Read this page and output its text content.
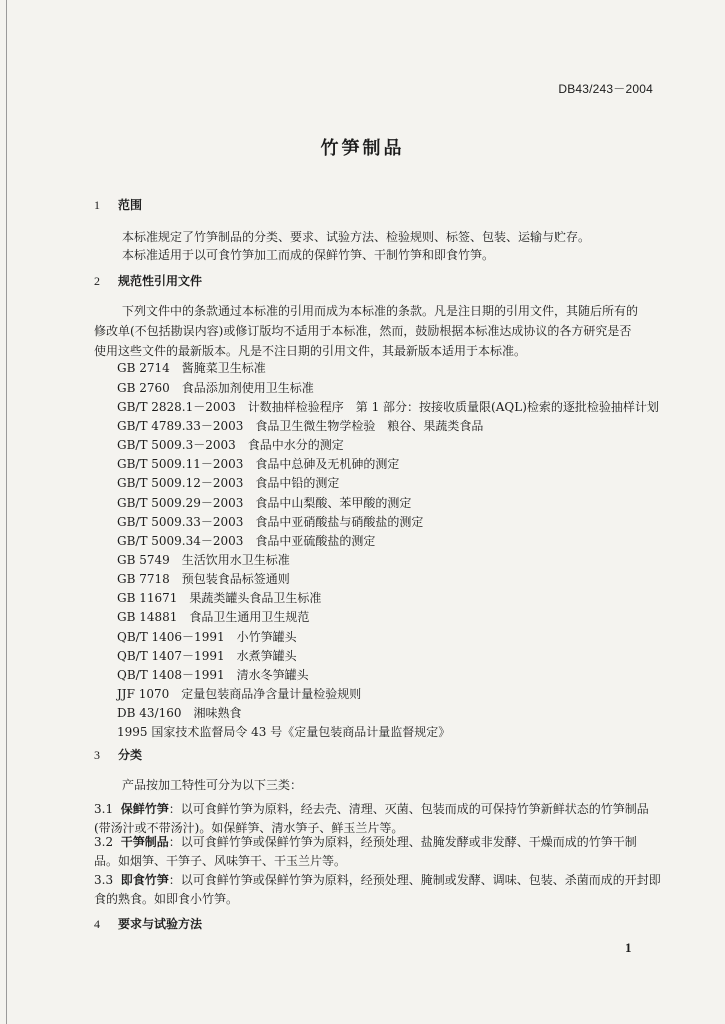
DB43/243－2004
竹笋制品
1 范围
本标准规定了竹笋制品的分类、要求、试验方法、检验规则、标签、包装、运输与贮存。
本标准适用于以可食竹笋加工而成的保鲜竹笋、干制竹笋和即食竹笋。
2 规范性引用文件
下列文件中的条款通过本标准的引用而成为本标准的条款。凡是注日期的引用文件，其随后所有的
修改单(不包括勘误内容)或修订版均不适用于本标准，然而，鼓励根据本标准达成协议的各方研究是否
使用这些文件的最新版本。凡是不注日期的引用文件，其最新版本适用于本标准。
GB 2714　酱腌菜卫生标准
GB 2760　食品添加剂使用卫生标准
GB/T 2828.1－2003　计数抽样检验程序　第 1 部分：按接收质量限(AQL)检索的逐批检验抽样计划
GB/T 4789.33－2003　食品卫生微生物学检验　粮谷、果蔬类食品
GB/T 5009.3－2003　食品中水分的测定
GB/T 5009.11－2003　食品中总砷及无机砷的测定
GB/T 5009.12－2003　食品中铅的测定
GB/T 5009.29－2003　食品中山梨酸、苯甲酸的测定
GB/T 5009.33－2003　食品中亚硝酸盐与硝酸盐的测定
GB/T 5009.34－2003　食品中亚硫酸盐的测定
GB 5749　生活饮用水卫生标准
GB 7718　预包装食品标签通则
GB 11671　果蔬类罐头食品卫生标准
GB 14881　食品卫生通用卫生规范
QB/T 1406－1991　小竹笋罐头
QB/T 1407－1991　水煮笋罐头
QB/T 1408－1991　清水冬笋罐头
JJF 1070　定量包装商品净含量计量检验规则
DB 43/160　湘味熟食
1995 国家技术监督局令 43 号《定量包装商品计量监督规定》
3 分类
产品按加工特性可分为以下三类：
3.1 保鲜竹笋：以可食鲜竹笋为原料，经去壳、清理、灭菌、包装而成的可保持竹笋新鲜状态的竹笋制品
(带汤汁或不带汤汁)。如保鲜笋、清水笋子、鲜玉兰片等。
3.2 干笋制品：以可食鲜竹笋或保鲜竹笋为原料，经预处理、盐腌发酵或非发酵、干燥而成的竹笋干制
品。如烟笋、干笋子、风味笋干、干玉兰片等。
3.3 即食竹笋：以可食鲜竹笋或保鲜竹笋为原料，经预处理、腌制或发酵、调味、包装、杀菌而成的开封即
食的熟食。如即食小竹笋。
4 要求与试验方法
1
